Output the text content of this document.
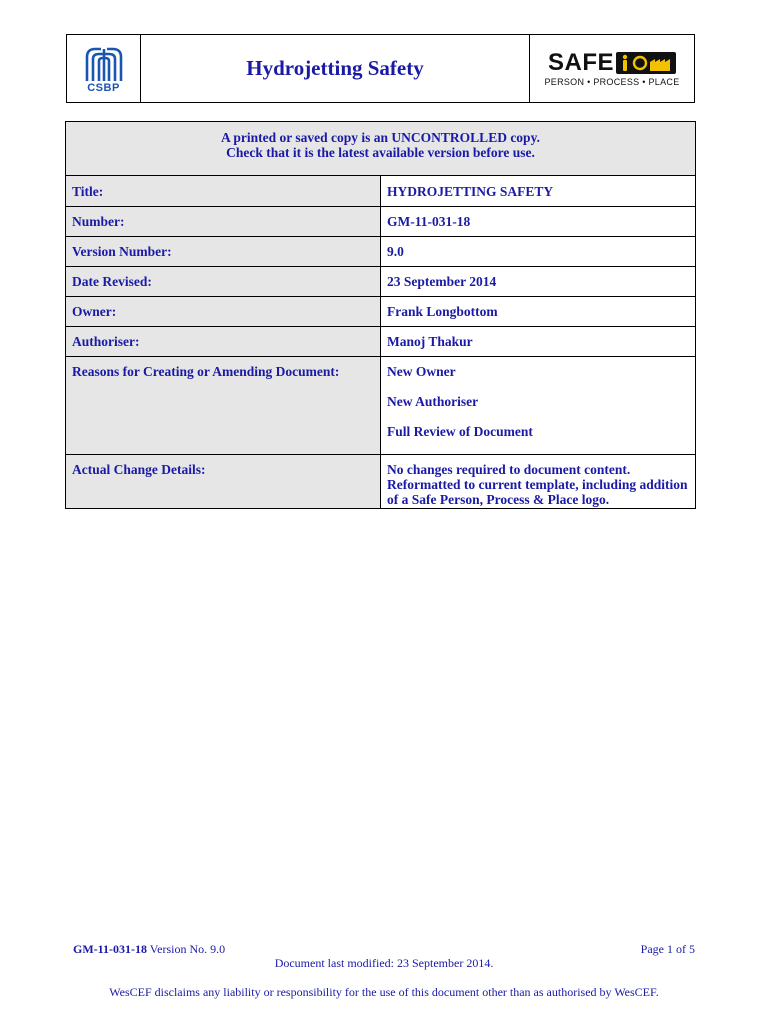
CSBP
Hydrojetting Safety	SAFE
PERSON • PROCESS • PLACE
A printed or saved copy is an UNCONTROLLED copy.
Check that it is the latest available version before use.	

Title:	HYDROJETTING SAFETY
Number:	GM-11-031-18
Version Number:	9.0
Date Revised:	23 September 2014
Owner:	Frank Longbottom
Authoriser:	Manoj Thakur
Reasons for Creating or Amending Document:	New Owner
New Authoriser
Full Review of Document

Actual Change Details:	No changes required to document content. Reformatted to current template, including addition of a Safe Person, Process & Place logo.
GM-11-031-18 Version No. 9.0	Page 1 of 5
Document last modified: 23 September 2014.
WesCEF disclaims any liability or responsibility for the use of this document other than as authorised by WesCEF.
